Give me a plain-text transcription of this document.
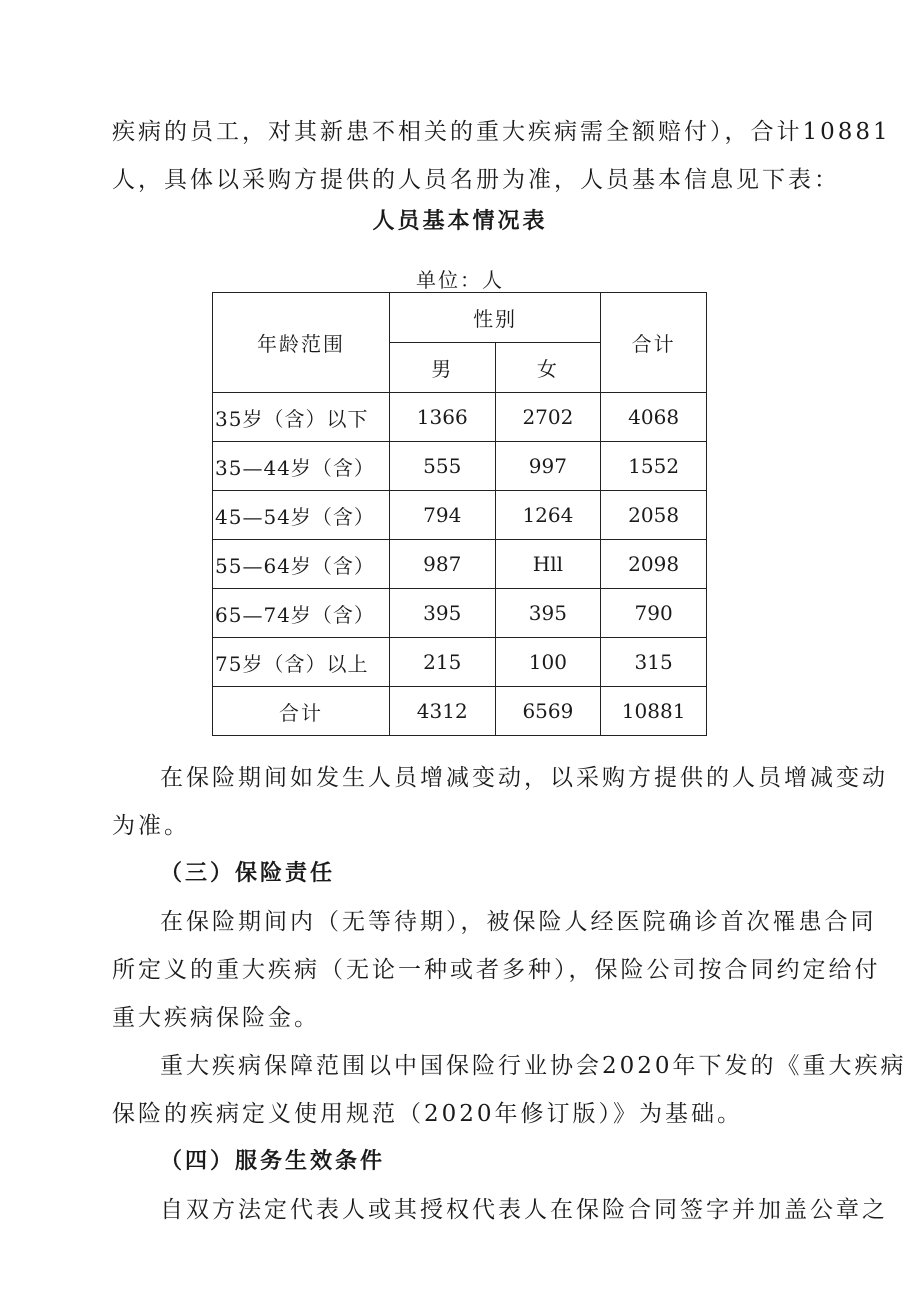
疾病的员工，对其新患不相关的重大疾病需全额赔付），合计10881

人，具体以采购方提供的人员名册为准，人员基本信息见下表：

人员基本情况表

单位：人

年龄范围	性别		合计
	男	女	
35岁（含）以下	1366	2702	4068
35—44岁（含）	555	997	1552
45—54岁（含）	794	1264	2058
55—64岁（含）	987	Hll	2098
65—74岁（含）	395	395	790
75岁（含）以上	215	100	315
合计	4312	6569	10881

在保险期间如发生人员增减变动，以采购方提供的人员增减变动

为准。

（三）保险责任

在保险期间内（无等待期），被保险人经医院确诊首次罹患合同

所定义的重大疾病（无论一种或者多种），保险公司按合同约定给付

重大疾病保险金。

重大疾病保障范围以中国保险行业协会2020年下发的《重大疾病

保险的疾病定义使用规范（2020年修订版）》为基础。

（四）服务生效条件

自双方法定代表人或其授权代表人在保险合同签字并加盖公章之
